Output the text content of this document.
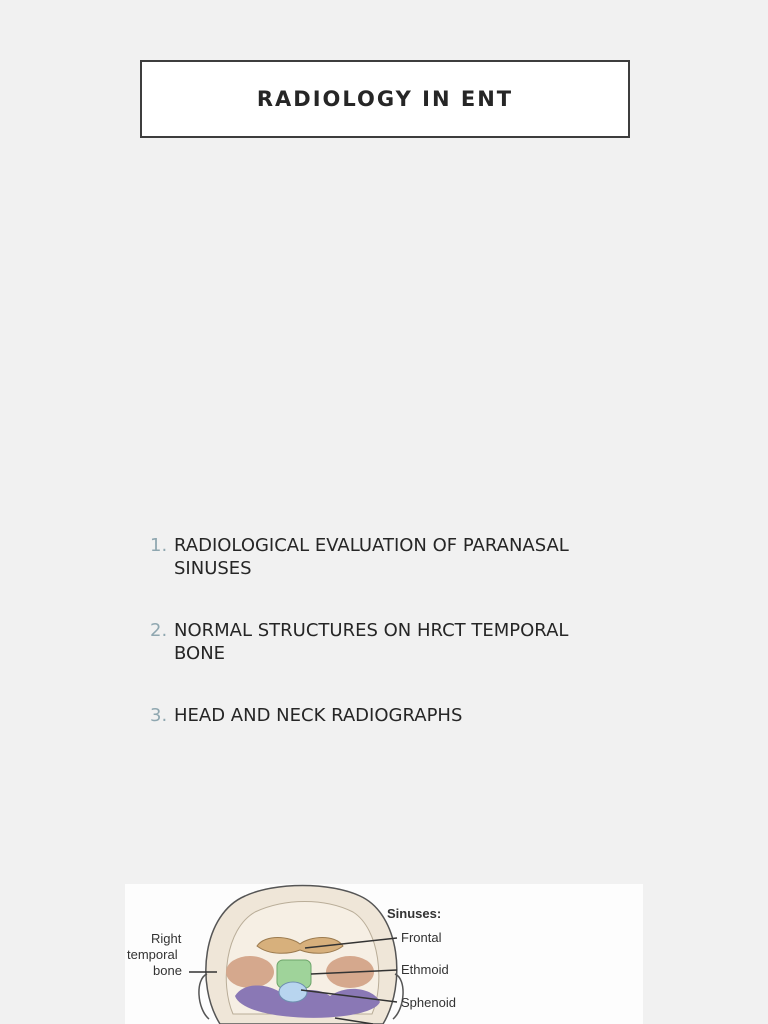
RADIOLOGY IN ENT
1. RADIOLOGICAL EVALUATION OF PARANASAL
SINUSES
2. NORMAL STRUCTURES ON HRCT TEMPORAL
BONE
3. HEAD AND NECK RADIOGRAPHS
Right
temporal
bone
Sinuses:
Frontal
Ethmoid
Sphenoid
